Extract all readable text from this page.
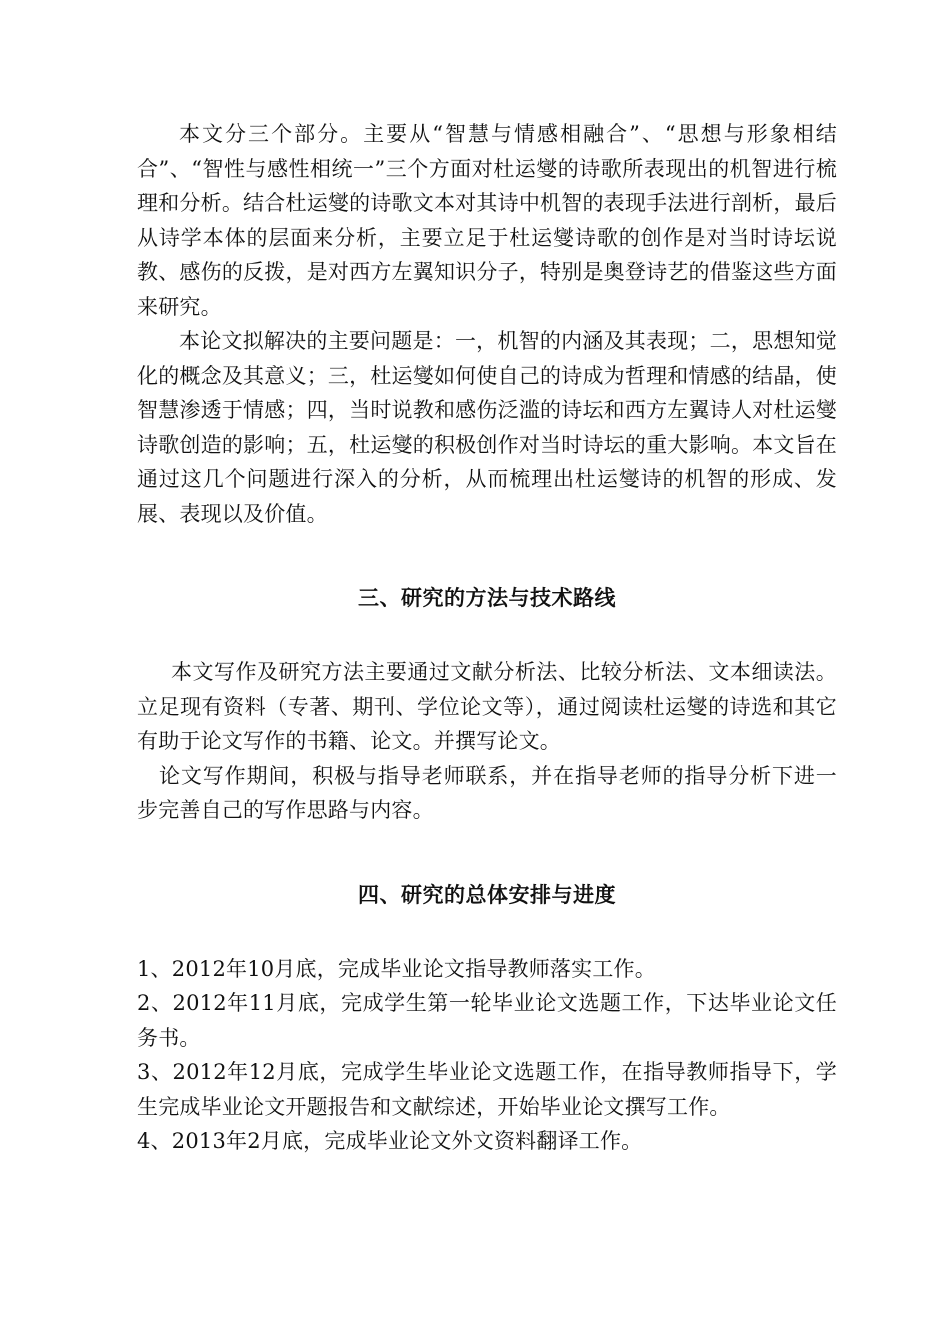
本文分三个部分。主要从“智慧与情感相融合”、“思想与形象相结合”、“智性与感性相统一”三个方面对杜运燮的诗歌所表现出的机智进行梳理和分析。结合杜运燮的诗歌文本对其诗中机智的表现手法进行剖析，最后从诗学本体的层面来分析，主要立足于杜运燮诗歌的创作是对当时诗坛说教、感伤的反拨，是对西方左翼知识分子，特别是奥登诗艺的借鉴这些方面来研究。

本论文拟解决的主要问题是：一，机智的内涵及其表现；二，思想知觉化的概念及其意义；三，杜运燮如何使自己的诗成为哲理和情感的结晶，使智慧渗透于情感；四，当时说教和感伤泛滥的诗坛和西方左翼诗人对杜运燮诗歌创造的影响；五，杜运燮的积极创作对当时诗坛的重大影响。本文旨在通过这几个问题进行深入的分析，从而梳理出杜运燮诗的机智的形成、发展、表现以及价值。

三、研究的方法与技术路线

本文写作及研究方法主要通过文献分析法、比较分析法、文本细读法。立足现有资料（专著、期刊、学位论文等），通过阅读杜运燮的诗选和其它有助于论文写作的书籍、论文。并撰写论文。

论文写作期间，积极与指导老师联系，并在指导老师的指导分析下进一步完善自己的写作思路与内容。

四、研究的总体安排与进度

1、2012年10月底，完成毕业论文指导教师落实工作。

2、2012年11月底，完成学生第一轮毕业论文选题工作，下达毕业论文任务书。

3、2012年12月底，完成学生毕业论文选题工作，在指导教师指导下，学生完成毕业论文开题报告和文献综述，开始毕业论文撰写工作。

4、2013年2月底，完成毕业论文外文资料翻译工作。
